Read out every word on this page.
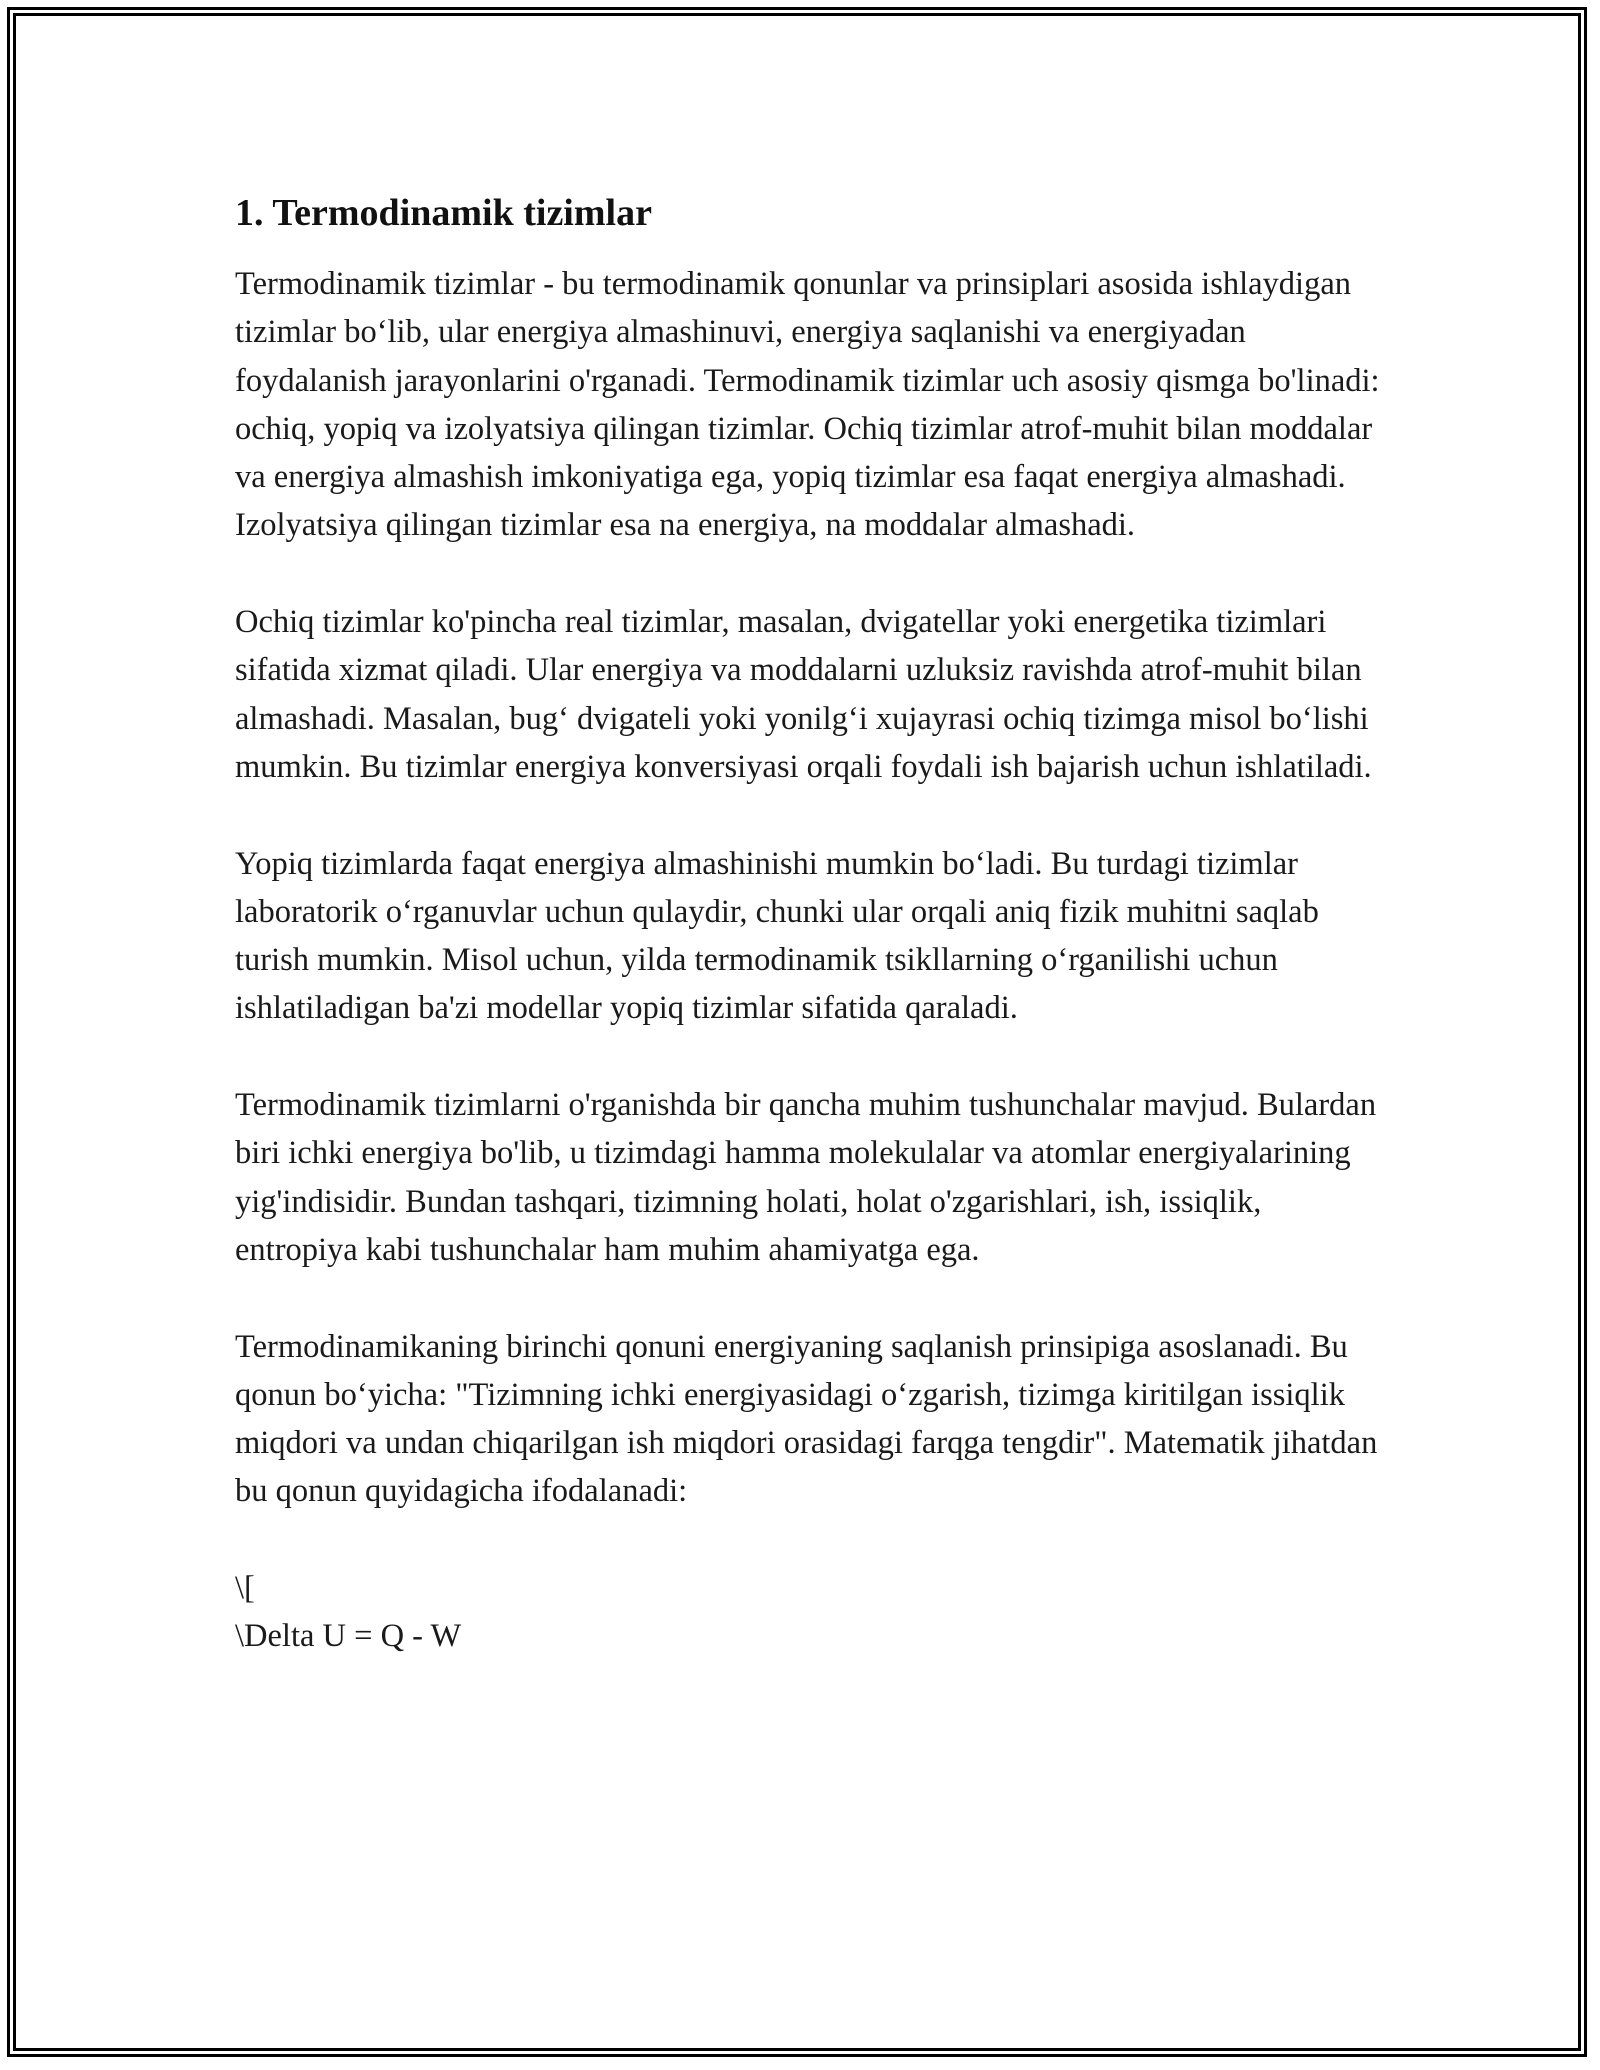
1. Termodinamik tizimlar

Termodinamik tizimlar - bu termodinamik qonunlar va prinsiplari asosida ishlaydigan tizimlar bo‘lib, ular energiya almashinuvi, energiya saqlanishi va energiyadan foydalanish jarayonlarini o'rganadi. Termodinamik tizimlar uch asosiy qismga bo'linadi: ochiq, yopiq va izolyatsiya qilingan tizimlar. Ochiq tizimlar atrof-muhit bilan moddalar va energiya almashish imkoniyatiga ega, yopiq tizimlar esa faqat energiya almashadi. Izolyatsiya qilingan tizimlar esa na energiya, na moddalar almashadi.

Ochiq tizimlar ko'pincha real tizimlar, masalan, dvigatellar yoki energetika tizimlari sifatida xizmat qiladi. Ular energiya va moddalarni uzluksiz ravishda atrof-muhit bilan almashadi. Masalan, bug‘ dvigateli yoki yonilg‘i xujayrasi ochiq tizimga misol bo‘lishi mumkin. Bu tizimlar energiya konversiyasi orqali foydali ish bajarish uchun ishlatiladi.

Yopiq tizimlarda faqat energiya almashinishi mumkin bo‘ladi. Bu turdagi tizimlar laboratorik o‘rganuvlar uchun qulaydir, chunki ular orqali aniq fizik muhitni saqlab turish mumkin. Misol uchun, yilda termodinamik tsikllarning o‘rganilishi uchun ishlatiladigan ba'zi modellar yopiq tizimlar sifatida qaraladi.

Termodinamik tizimlarni o'rganishda bir qancha muhim tushunchalar mavjud. Bulardan biri ichki energiya bo'lib, u tizimdagi hamma molekulalar va atomlar energiyalarining yig'indisidir. Bundan tashqari, tizimning holati, holat o'zgarishlari, ish, issiqlik, entropiya kabi tushunchalar ham muhim ahamiyatga ega.

Termodinamikaning birinchi qonuni energiyaning saqlanish prinsipiga asoslanadi. Bu qonun bo‘yicha: "Tizimning ichki energiyasidagi o‘zgarish, tizimga kiritilgan issiqlik miqdori va undan chiqarilgan ish miqdori orasidagi farqga tengdir". Matematik jihatdan bu qonun quyidagicha ifodalanadi:

\[
\Delta U = Q - W
